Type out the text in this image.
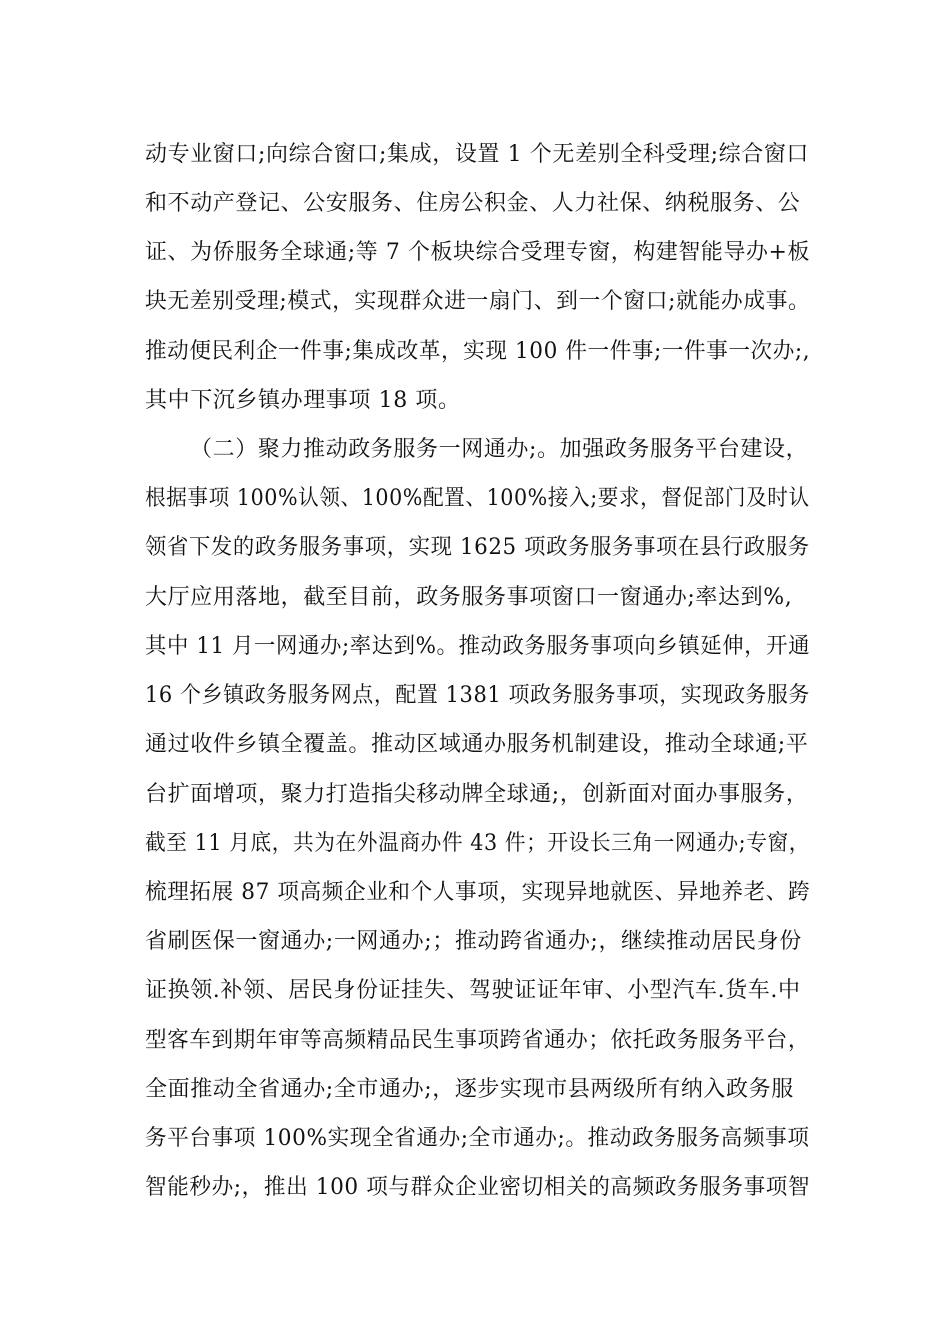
动专业窗口;向综合窗口;集成，设置 1 个无差别全科受理;综合窗口
和不动产登记、公安服务、住房公积金、人力社保、纳税服务、公
证、为侨服务全球通;等 7 个板块综合受理专窗，构建智能导办+板
块无差别受理;模式，实现群众进一扇门、到一个窗口;就能办成事。
推动便民利企一件事;集成改革，实现 100 件一件事;一件事一次办;,
其中下沉乡镇办理事项 18 项。
（二）聚力推动政务服务一网通办;。加强政务服务平台建设，
根据事项 100%认领、100%配置、100%接入;要求，督促部门及时认
领省下发的政务服务事项，实现 1625 项政务服务事项在县行政服务
大厅应用落地，截至目前，政务服务事项窗口一窗通办;率达到%,
其中 11 月一网通办;率达到%。推动政务服务事项向乡镇延伸，开通
16 个乡镇政务服务网点，配置 1381 项政务服务事项，实现政务服务
通过收件乡镇全覆盖。推动区域通办服务机制建设，推动全球通;平
台扩面增项，聚力打造指尖移动牌全球通;，创新面对面办事服务，
截至 11 月底，共为在外温商办件 43 件；开设长三角一网通办;专窗，
梳理拓展 87 项高频企业和个人事项，实现异地就医、异地养老、跨
省刷医保一窗通办;一网通办;；推动跨省通办;，继续推动居民身份
证换领.补领、居民身份证挂失、驾驶证证年审、小型汽车.货车.中
型客车到期年审等高频精品民生事项跨省通办；依托政务服务平台，
全面推动全省通办;全市通办;，逐步实现市县两级所有纳入政务服
务平台事项 100%实现全省通办;全市通办;。推动政务服务高频事项
智能秒办;，推出 100 项与群众企业密切相关的高频政务服务事项智
